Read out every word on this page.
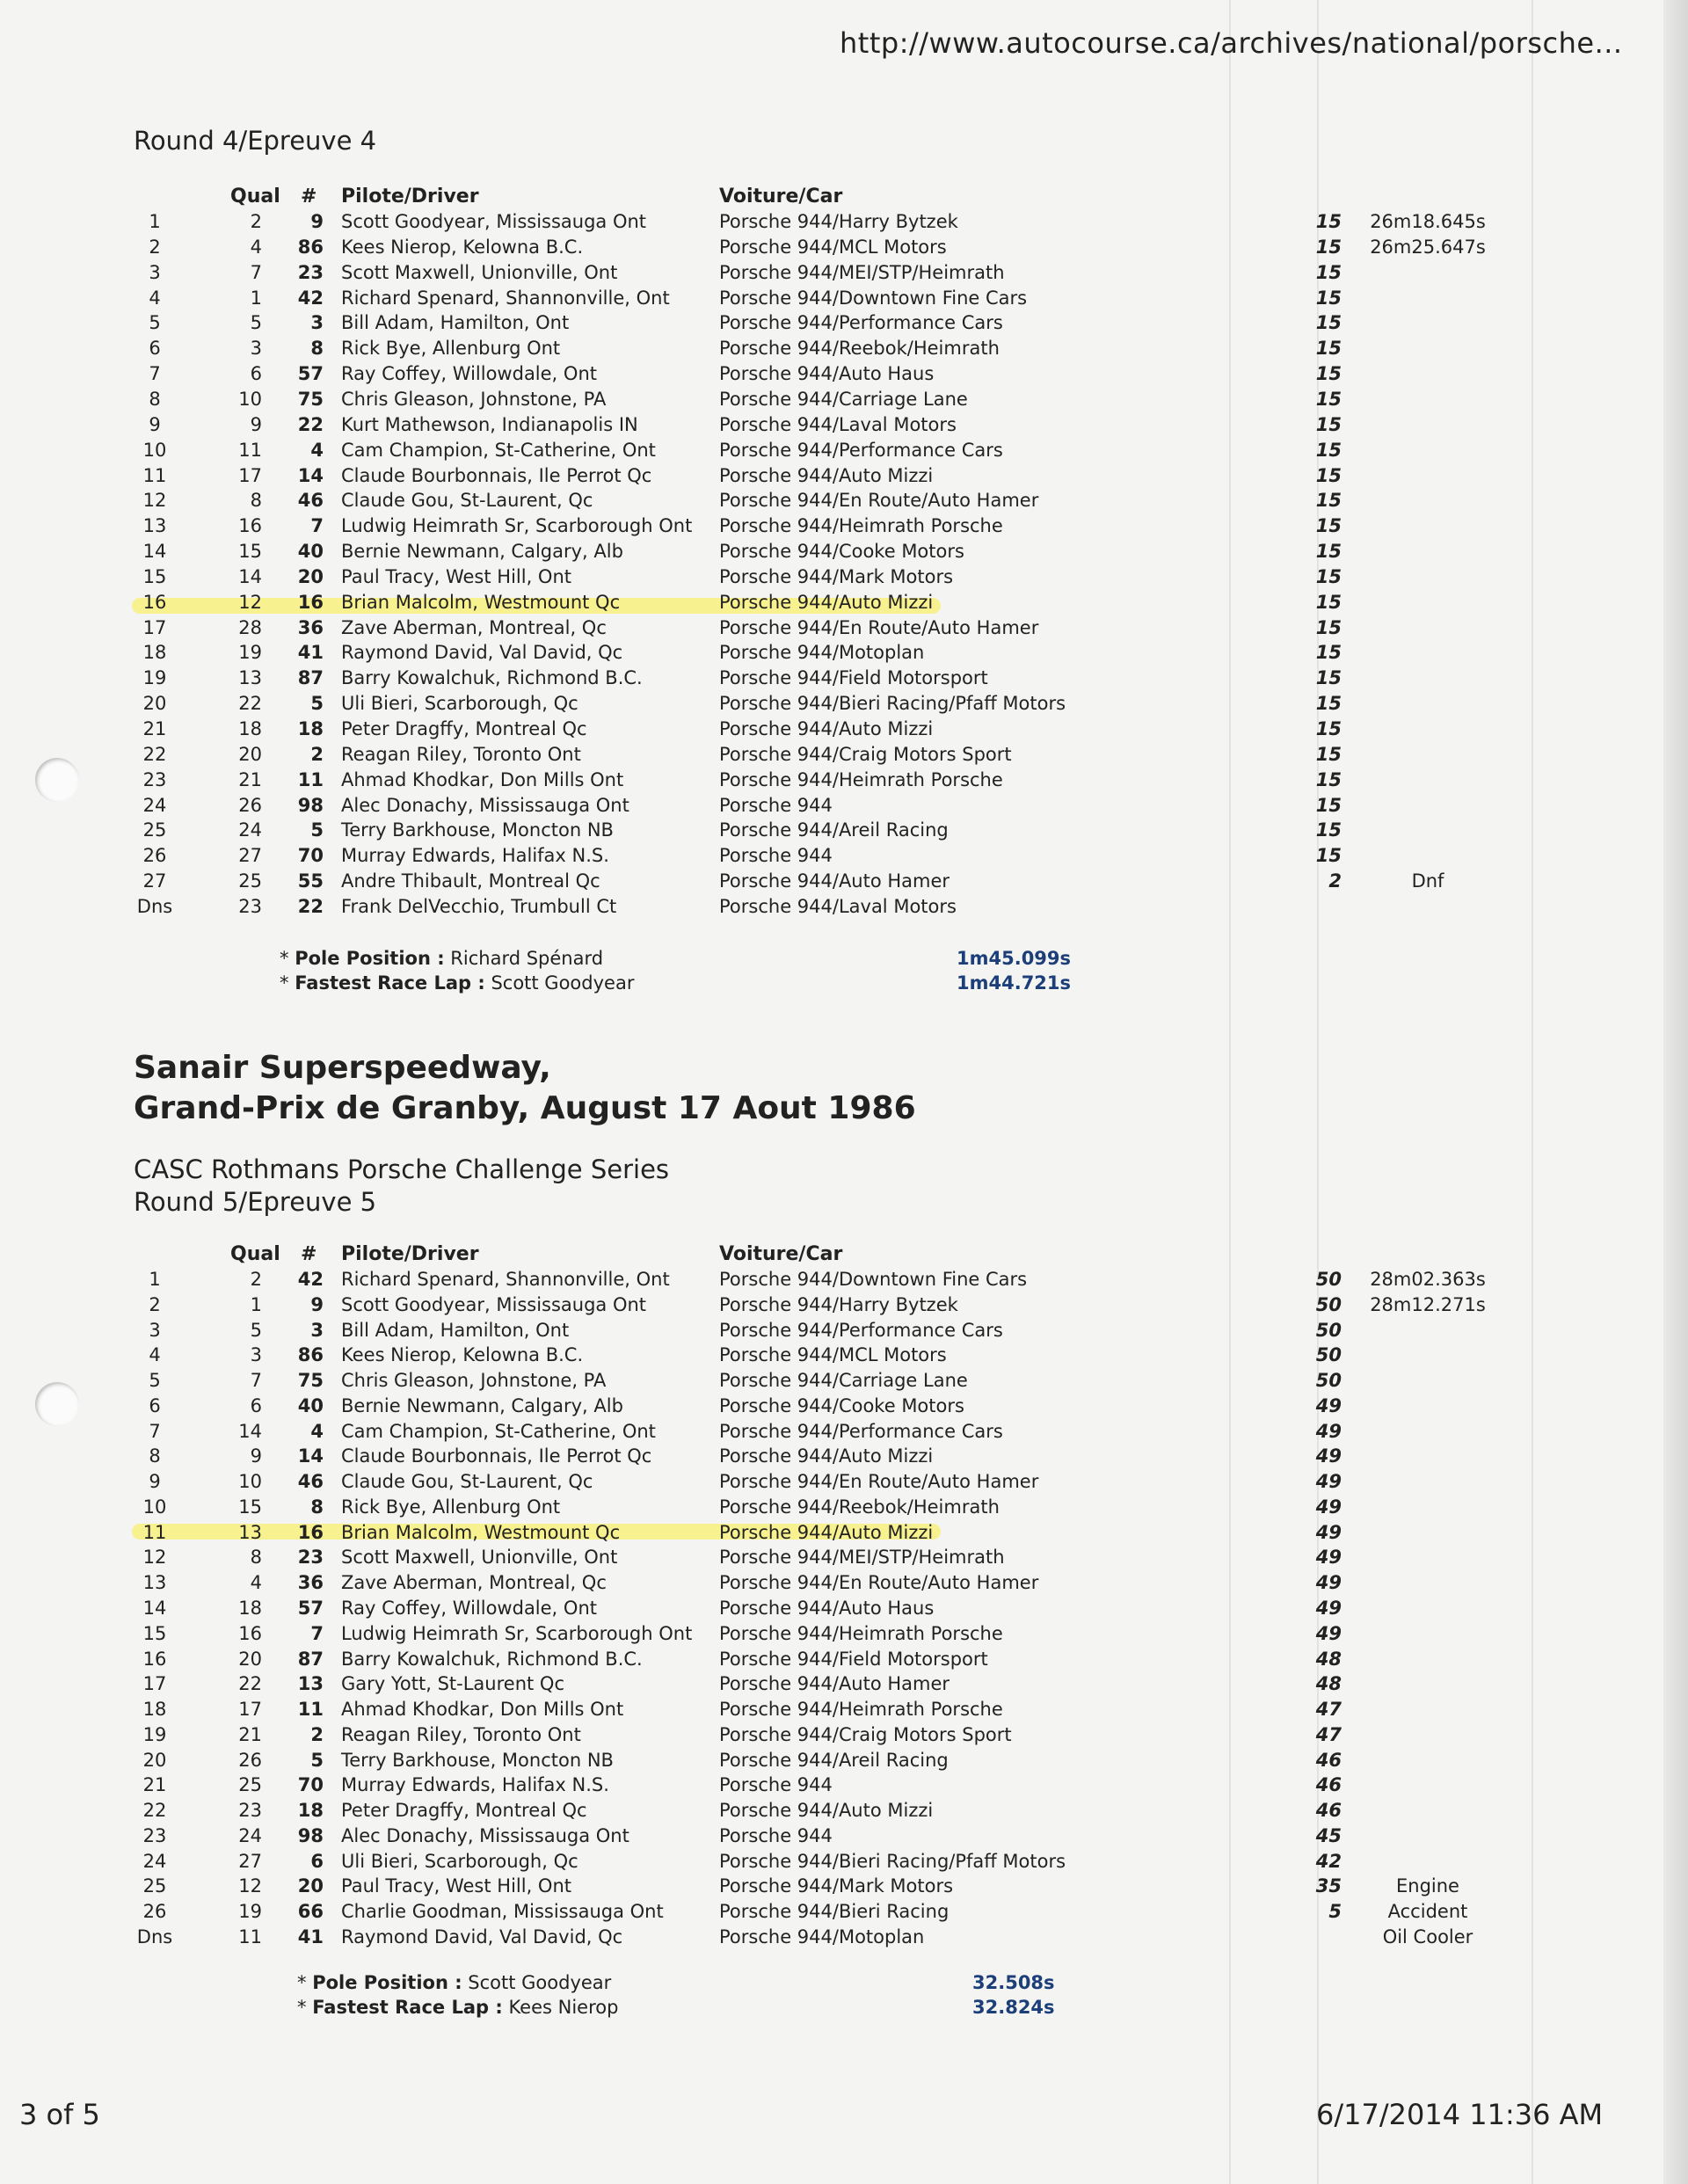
http://www.autocourse.ca/archives/national/porsche...
Round 4/Epreuve 4
Qual # Pilote/Driver	Voiture/Car
1	2	9 Scott Goodyear, Mississauga Ont	Porsche 944/Harry Bytzek	15	26m18.645s
2	4	86 Kees Nierop, Kelowna B.C.	Porsche 944/MCL Motors	15	26m25.647s
3	7	23 Scott Maxwell, Unionville, Ont	Porsche 944/MEI/STP/Heimrath	15
4	1	42 Richard Spenard, Shannonville, Ont	Porsche 944/Downtown Fine Cars	15
5	5	3 Bill Adam, Hamilton, Ont	Porsche 944/Performance Cars	15
6	3	8 Rick Bye, Allenburg Ont	Porsche 944/Reebok/Heimrath	15
7	6	57 Ray Coffey, Willowdale, Ont	Porsche 944/Auto Haus	15
8	10	75 Chris Gleason, Johnstone, PA	Porsche 944/Carriage Lane	15
9	9	22 Kurt Mathewson, Indianapolis IN	Porsche 944/Laval Motors	15
10	11	4 Cam Champion, St-Catherine, Ont	Porsche 944/Performance Cars	15
11	17	14 Claude Bourbonnais, Ile Perrot Qc	Porsche 944/Auto Mizzi	15
12	8	46 Claude Gou, St-Laurent, Qc	Porsche 944/En Route/Auto Hamer	15
13	16	7 Ludwig Heimrath Sr, Scarborough Ont Porsche 944/Heimrath Porsche	15
14	15	40 Bernie Newmann, Calgary, Alb	Porsche 944/Cooke Motors	15
15	14	20 Paul Tracy, West Hill, Ont	Porsche 944/Mark Motors	15
16	12	16 Brian Malcolm, Westmount Qc	Porsche 944/Auto Mizzi	15
17	28	36 Zave Aberman, Montreal, Qc	Porsche 944/En Route/Auto Hamer	15
18	19	41 Raymond David, Val David, Qc	Porsche 944/Motoplan	15
19	13	87 Barry Kowalchuk, Richmond B.C.	Porsche 944/Field Motorsport	15
20	22	5 Uli Bieri, Scarborough, Qc	Porsche 944/Bieri Racing/Pfaff Motors	15
21	18	18 Peter Dragffy, Montreal Qc	Porsche 944/Auto Mizzi	15
22	20	2 Reagan Riley, Toronto Ont	Porsche 944/Craig Motors Sport	15
23	21	11 Ahmad Khodkar, Don Mills Ont	Porsche 944/Heimrath Porsche	15
24	26	98 Alec Donachy, Mississauga Ont	Porsche 944	15
25	24	5 Terry Barkhouse, Moncton NB	Porsche 944/Areil Racing	15
26	27	70 Murray Edwards, Halifax N.S.	Porsche 944	15
27	25	55 Andre Thibault, Montreal Qc	Porsche 944/Auto Hamer	2	Dnf
Dns	23	22 Frank DelVecchio, Trumbull Ct	Porsche 944/Laval Motors
* Pole Position : Richard Spénard	1m45.099s
* Fastest Race Lap : Scott Goodyear	1m44.721s
Sanair Superspeedway,
Grand-Prix de Granby, August 17 Aout 1986
CASC Rothmans Porsche Challenge Series
Round 5/Epreuve 5
Qual # Pilote/Driver	Voiture/Car
1	2	42 Richard Spenard, Shannonville, Ont	Porsche 944/Downtown Fine Cars	50	28m02.363s
2	1	9 Scott Goodyear, Mississauga Ont	Porsche 944/Harry Bytzek	50	28m12.271s
3	5	3 Bill Adam, Hamilton, Ont	Porsche 944/Performance Cars	50
4	3	86 Kees Nierop, Kelowna B.C.	Porsche 944/MCL Motors	50
5	7	75 Chris Gleason, Johnstone, PA	Porsche 944/Carriage Lane	50
6	6	40 Bernie Newmann, Calgary, Alb	Porsche 944/Cooke Motors	49
7	14	4 Cam Champion, St-Catherine, Ont	Porsche 944/Performance Cars	49
8	9	14 Claude Bourbonnais, Ile Perrot Qc	Porsche 944/Auto Mizzi	49
9	10	46 Claude Gou, St-Laurent, Qc	Porsche 944/En Route/Auto Hamer	49
10	15	8 Rick Bye, Allenburg Ont	Porsche 944/Reebok/Heimrath	49
11	13	16 Brian Malcolm, Westmount Qc	Porsche 944/Auto Mizzi	49
12	8	23 Scott Maxwell, Unionville, Ont	Porsche 944/MEI/STP/Heimrath	49
13	4	36 Zave Aberman, Montreal, Qc	Porsche 944/En Route/Auto Hamer	49
14	18	57 Ray Coffey, Willowdale, Ont	Porsche 944/Auto Haus	49
15	16	7 Ludwig Heimrath Sr, Scarborough Ont Porsche 944/Heimrath Porsche	49
16	20	87 Barry Kowalchuk, Richmond B.C.	Porsche 944/Field Motorsport	48
17	22	13 Gary Yott, St-Laurent Qc	Porsche 944/Auto Hamer	48
18	17	11 Ahmad Khodkar, Don Mills Ont	Porsche 944/Heimrath Porsche	47
19	21	2 Reagan Riley, Toronto Ont	Porsche 944/Craig Motors Sport	47
20	26	5 Terry Barkhouse, Moncton NB	Porsche 944/Areil Racing	46
21	25	70 Murray Edwards, Halifax N.S.	Porsche 944	46
22	23	18 Peter Dragffy, Montreal Qc	Porsche 944/Auto Mizzi	46
23	24	98 Alec Donachy, Mississauga Ont	Porsche 944	45
24	27	6 Uli Bieri, Scarborough, Qc	Porsche 944/Bieri Racing/Pfaff Motors	42
25	12	20 Paul Tracy, West Hill, Ont	Porsche 944/Mark Motors	35	Engine
26	19	66 Charlie Goodman, Mississauga Ont	Porsche 944/Bieri Racing	5	Accident
Dns	11	41 Raymond David, Val David, Qc	Porsche 944/Motoplan	Oil Cooler
* Pole Position : Scott Goodyear	32.508s
* Fastest Race Lap : Kees Nierop	32.824s
3 of 5	6/17/2014 11:36 AM
